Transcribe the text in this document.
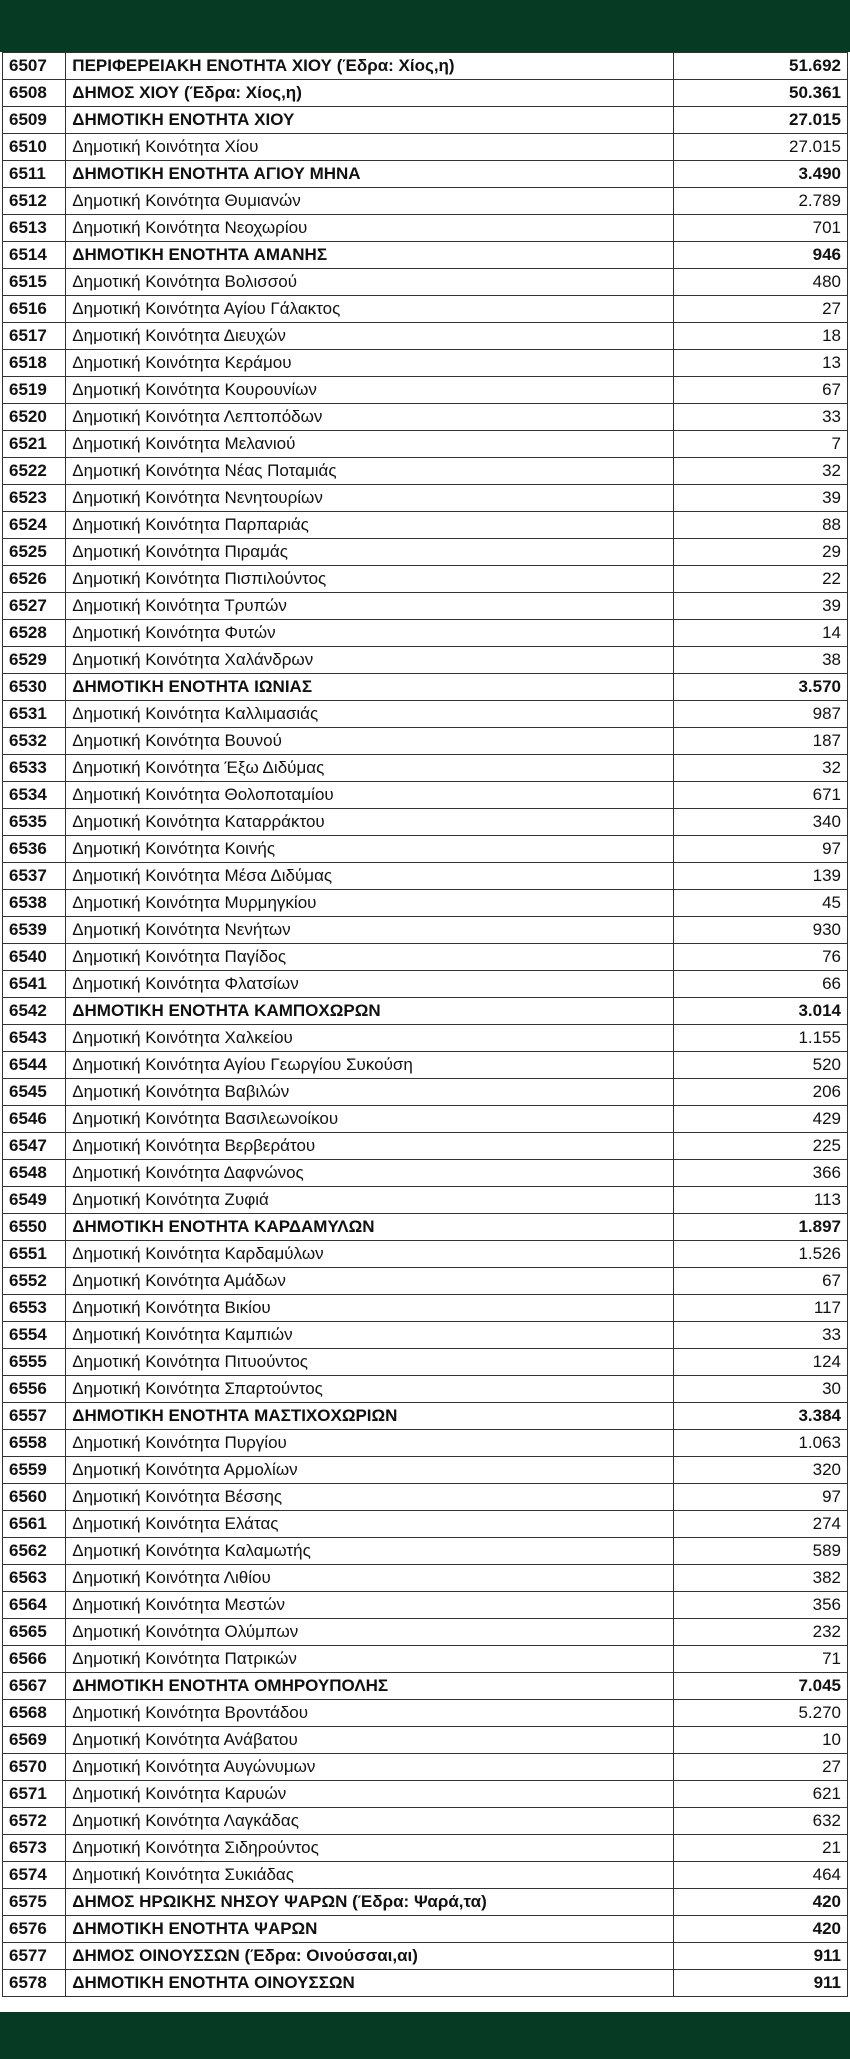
6507	ΠΕΡΙΦΕΡΕΙΑΚΗ ΕΝΟΤΗΤΑ ΧΙΟΥ (Έδρα: Χίος,η)	51.692
6508	ΔΗΜΟΣ ΧΙΟΥ (Έδρα: Χίος,η)	50.361
6509	ΔΗΜΟΤΙΚΗ ΕΝΟΤΗΤΑ ΧΙΟΥ	27.015
6510	Δημοτική Κοινότητα Χίου	27.015
6511	ΔΗΜΟΤΙΚΗ ΕΝΟΤΗΤΑ ΑΓΙΟΥ ΜΗΝΑ	3.490
6512	Δημοτική Κοινότητα Θυμιανών	2.789
6513	Δημοτική Κοινότητα Νεοχωρίου	701
6514	ΔΗΜΟΤΙΚΗ ΕΝΟΤΗΤΑ ΑΜΑΝΗΣ	946
6515	Δημοτική Κοινότητα Βολισσού	480
6516	Δημοτική Κοινότητα Αγίου Γάλακτος	27
6517	Δημοτική Κοινότητα Διευχών	18
6518	Δημοτική Κοινότητα Κεράμου	13
6519	Δημοτική Κοινότητα Κουρουνίων	67
6520	Δημοτική Κοινότητα Λεπτοπόδων	33
6521	Δημοτική Κοινότητα Μελανιού	7
6522	Δημοτική Κοινότητα Νέας Ποταμιάς	32
6523	Δημοτική Κοινότητα Νενητουρίων	39
6524	Δημοτική Κοινότητα Παρπαριάς	88
6525	Δημοτική Κοινότητα Πιραμάς	29
6526	Δημοτική Κοινότητα Πισπιλούντος	22
6527	Δημοτική Κοινότητα Τρυπών	39
6528	Δημοτική Κοινότητα Φυτών	14
6529	Δημοτική Κοινότητα Χαλάνδρων	38
6530	ΔΗΜΟΤΙΚΗ ΕΝΟΤΗΤΑ ΙΩΝΙΑΣ	3.570
6531	Δημοτική Κοινότητα Καλλιμασιάς	987
6532	Δημοτική Κοινότητα Βουνού	187
6533	Δημοτική Κοινότητα Έξω Διδύμας	32
6534	Δημοτική Κοινότητα Θολοποταμίου	671
6535	Δημοτική Κοινότητα Καταρράκτου	340
6536	Δημοτική Κοινότητα Κοινής	97
6537	Δημοτική Κοινότητα Μέσα Διδύμας	139
6538	Δημοτική Κοινότητα Μυρμηγκίου	45
6539	Δημοτική Κοινότητα Νενήτων	930
6540	Δημοτική Κοινότητα Παγίδος	76
6541	Δημοτική Κοινότητα Φλατσίων	66
6542	ΔΗΜΟΤΙΚΗ ΕΝΟΤΗΤΑ ΚΑΜΠΟΧΩΡΩΝ	3.014
6543	Δημοτική Κοινότητα Χαλκείου	1.155
6544	Δημοτική Κοινότητα Αγίου Γεωργίου Συκούση	520
6545	Δημοτική Κοινότητα Βαβιλών	206
6546	Δημοτική Κοινότητα Βασιλεωνοίκου	429
6547	Δημοτική Κοινότητα Βερβεράτου	225
6548	Δημοτική Κοινότητα Δαφνώνος	366
6549	Δημοτική Κοινότητα Ζυφιά	113
6550	ΔΗΜΟΤΙΚΗ ΕΝΟΤΗΤΑ ΚΑΡΔΑΜΥΛΩΝ	1.897
6551	Δημοτική Κοινότητα Καρδαμύλων	1.526
6552	Δημοτική Κοινότητα Αμάδων	67
6553	Δημοτική Κοινότητα Βικίου	117
6554	Δημοτική Κοινότητα Καμπιών	33
6555	Δημοτική Κοινότητα Πιτυούντος	124
6556	Δημοτική Κοινότητα Σπαρτούντος	30
6557	ΔΗΜΟΤΙΚΗ ΕΝΟΤΗΤΑ ΜΑΣΤΙΧΟΧΩΡΙΩΝ	3.384
6558	Δημοτική Κοινότητα Πυργίου	1.063
6559	Δημοτική Κοινότητα Αρμολίων	320
6560	Δημοτική Κοινότητα Βέσσης	97
6561	Δημοτική Κοινότητα Ελάτας	274
6562	Δημοτική Κοινότητα Καλαμωτής	589
6563	Δημοτική Κοινότητα Λιθίου	382
6564	Δημοτική Κοινότητα Μεστών	356
6565	Δημοτική Κοινότητα Ολύμπων	232
6566	Δημοτική Κοινότητα Πατρικών	71
6567	ΔΗΜΟΤΙΚΗ ΕΝΟΤΗΤΑ ΟΜΗΡΟΥΠΟΛΗΣ	7.045
6568	Δημοτική Κοινότητα Βροντάδου	5.270
6569	Δημοτική Κοινότητα Ανάβατου	10
6570	Δημοτική Κοινότητα Αυγώνυμων	27
6571	Δημοτική Κοινότητα Καρυών	621
6572	Δημοτική Κοινότητα Λαγκάδας	632
6573	Δημοτική Κοινότητα Σιδηρούντος	21
6574	Δημοτική Κοινότητα Συκιάδας	464
6575	ΔΗΜΟΣ ΗΡΩΙΚΗΣ ΝΗΣΟΥ ΨΑΡΩΝ (Έδρα: Ψαρά,τα)	420
6576	ΔΗΜΟΤΙΚΗ ΕΝΟΤΗΤΑ ΨΑΡΩΝ	420
6577	ΔΗΜΟΣ ΟΙΝΟΥΣΣΩΝ (Έδρα: Οινούσσαι,αι)	911
6578	ΔΗΜΟΤΙΚΗ ΕΝΟΤΗΤΑ ΟΙΝΟΥΣΣΩΝ	911
